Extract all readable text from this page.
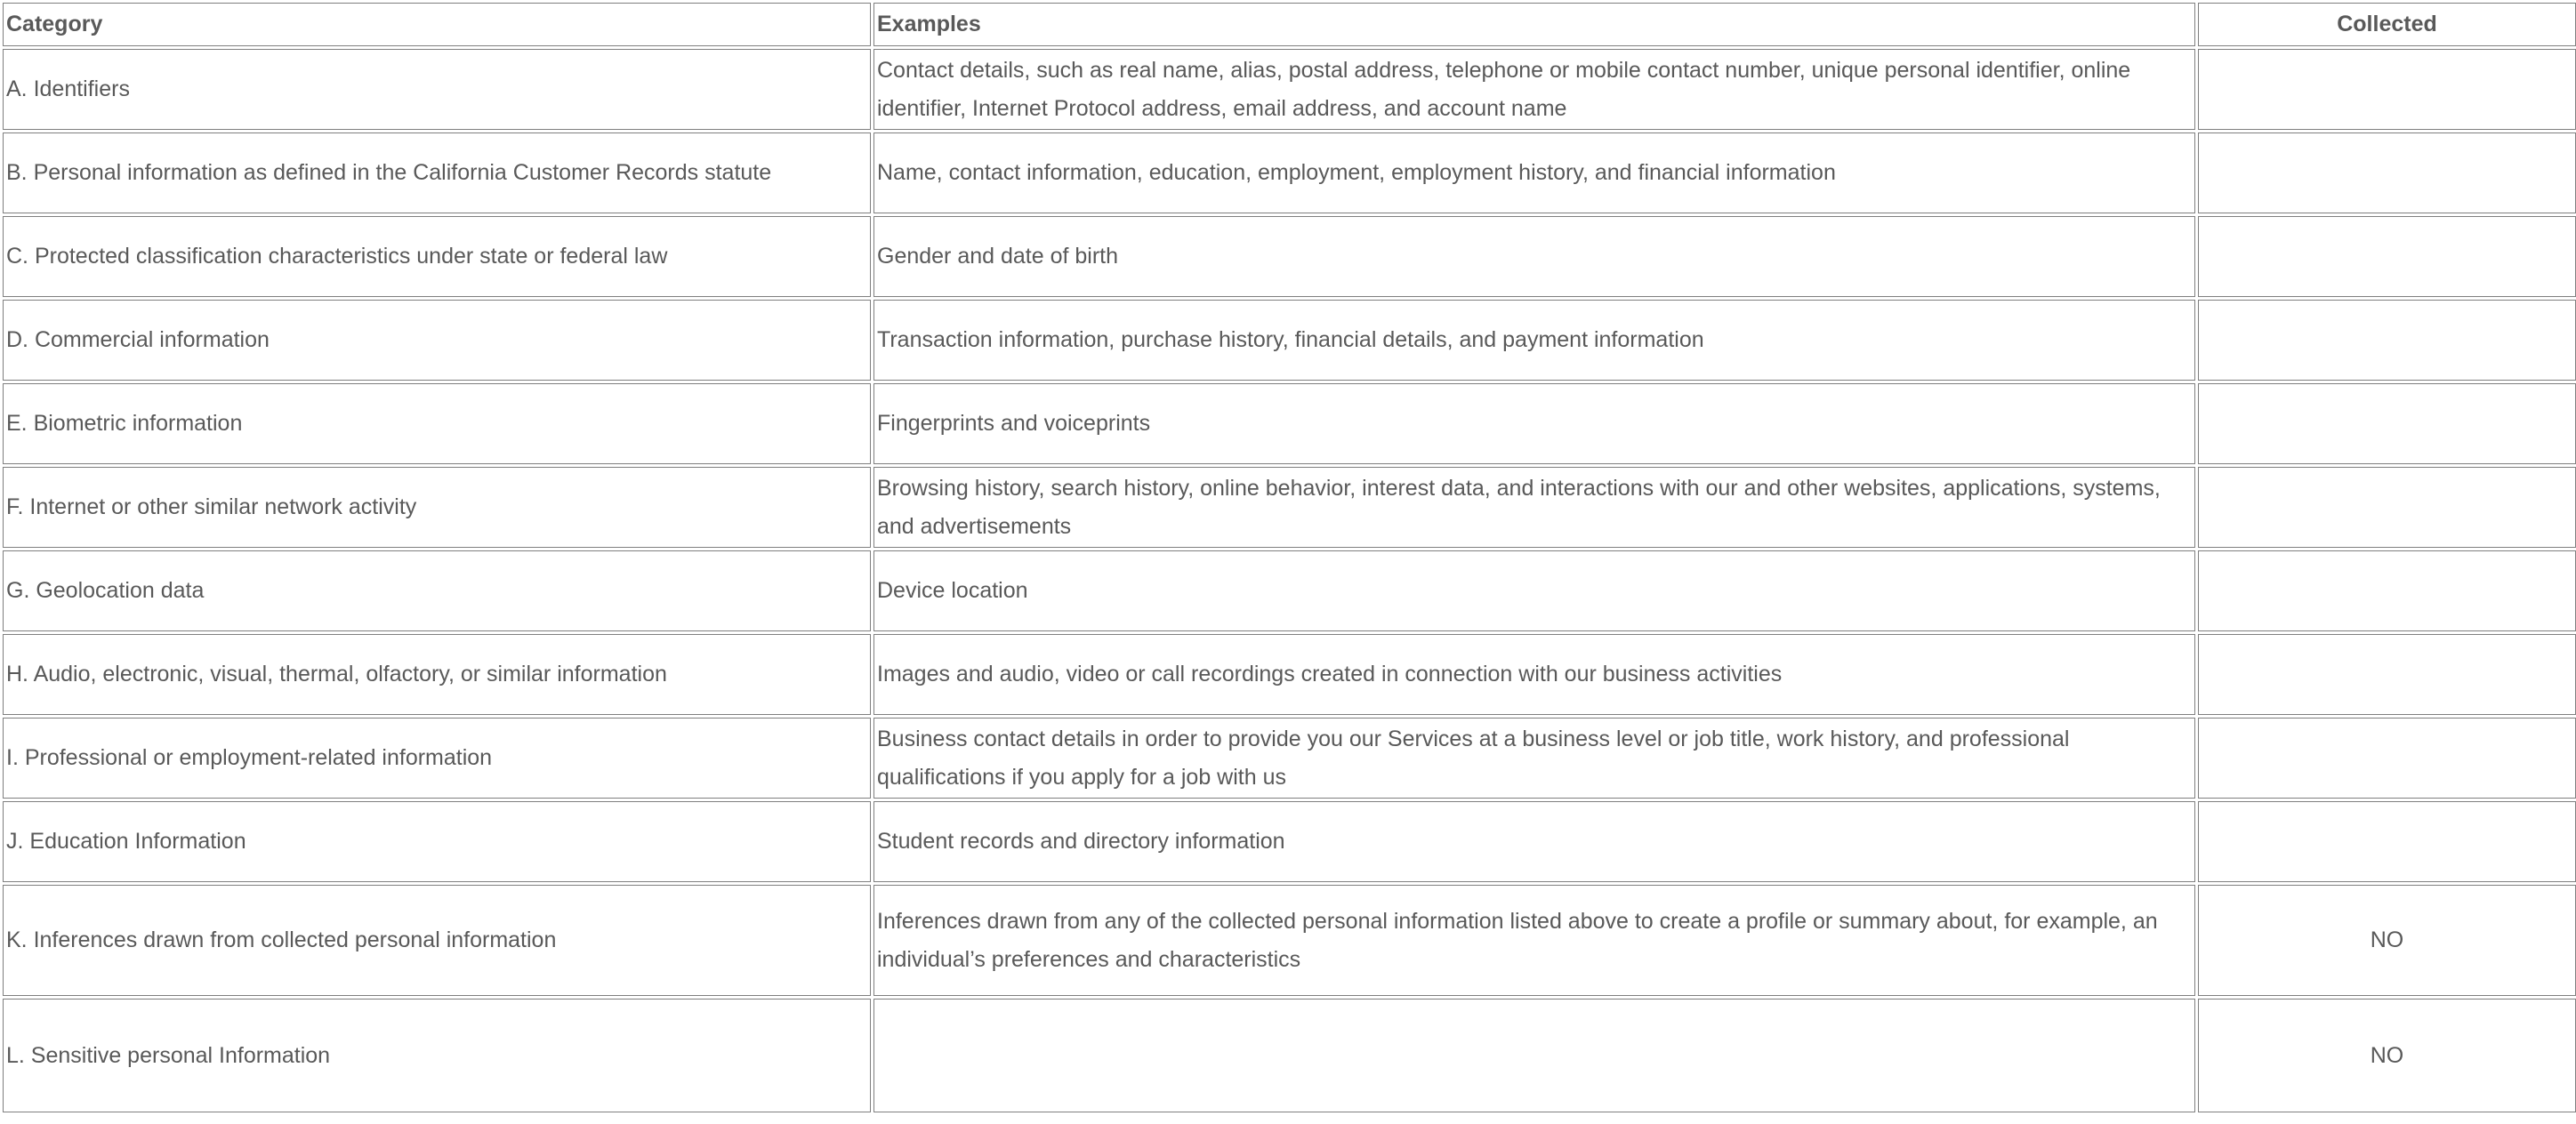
Category	Examples	Collected
A. Identifiers	Contact details, such as real name, alias, postal address, telephone or mobile contact number, unique personal identifier, online identifier, Internet Protocol address, email address, and account name	
B. Personal information as defined in the California Customer Records statute	Name, contact information, education, employment, employment history, and financial information	
C. Protected classification characteristics under state or federal law	Gender and date of birth	
D. Commercial information	Transaction information, purchase history, financial details, and payment information	
E. Biometric information	Fingerprints and voiceprints	
F. Internet or other similar network activity	Browsing history, search history, online behavior, interest data, and interactions with our and other websites, applications, systems, and advertisements	
G. Geolocation data	Device location	
H. Audio, electronic, visual, thermal, olfactory, or similar information	Images and audio, video or call recordings created in connection with our business activities	
I. Professional or employment-related information	Business contact details in order to provide you our Services at a business level or job title, work history, and professional qualifications if you apply for a job with us	
J. Education Information	Student records and directory information	
K. Inferences drawn from collected personal information	Inferences drawn from any of the collected personal information listed above to create a profile or summary about, for example, an individual’s preferences and characteristics	NO
L. Sensitive personal Information		NO
